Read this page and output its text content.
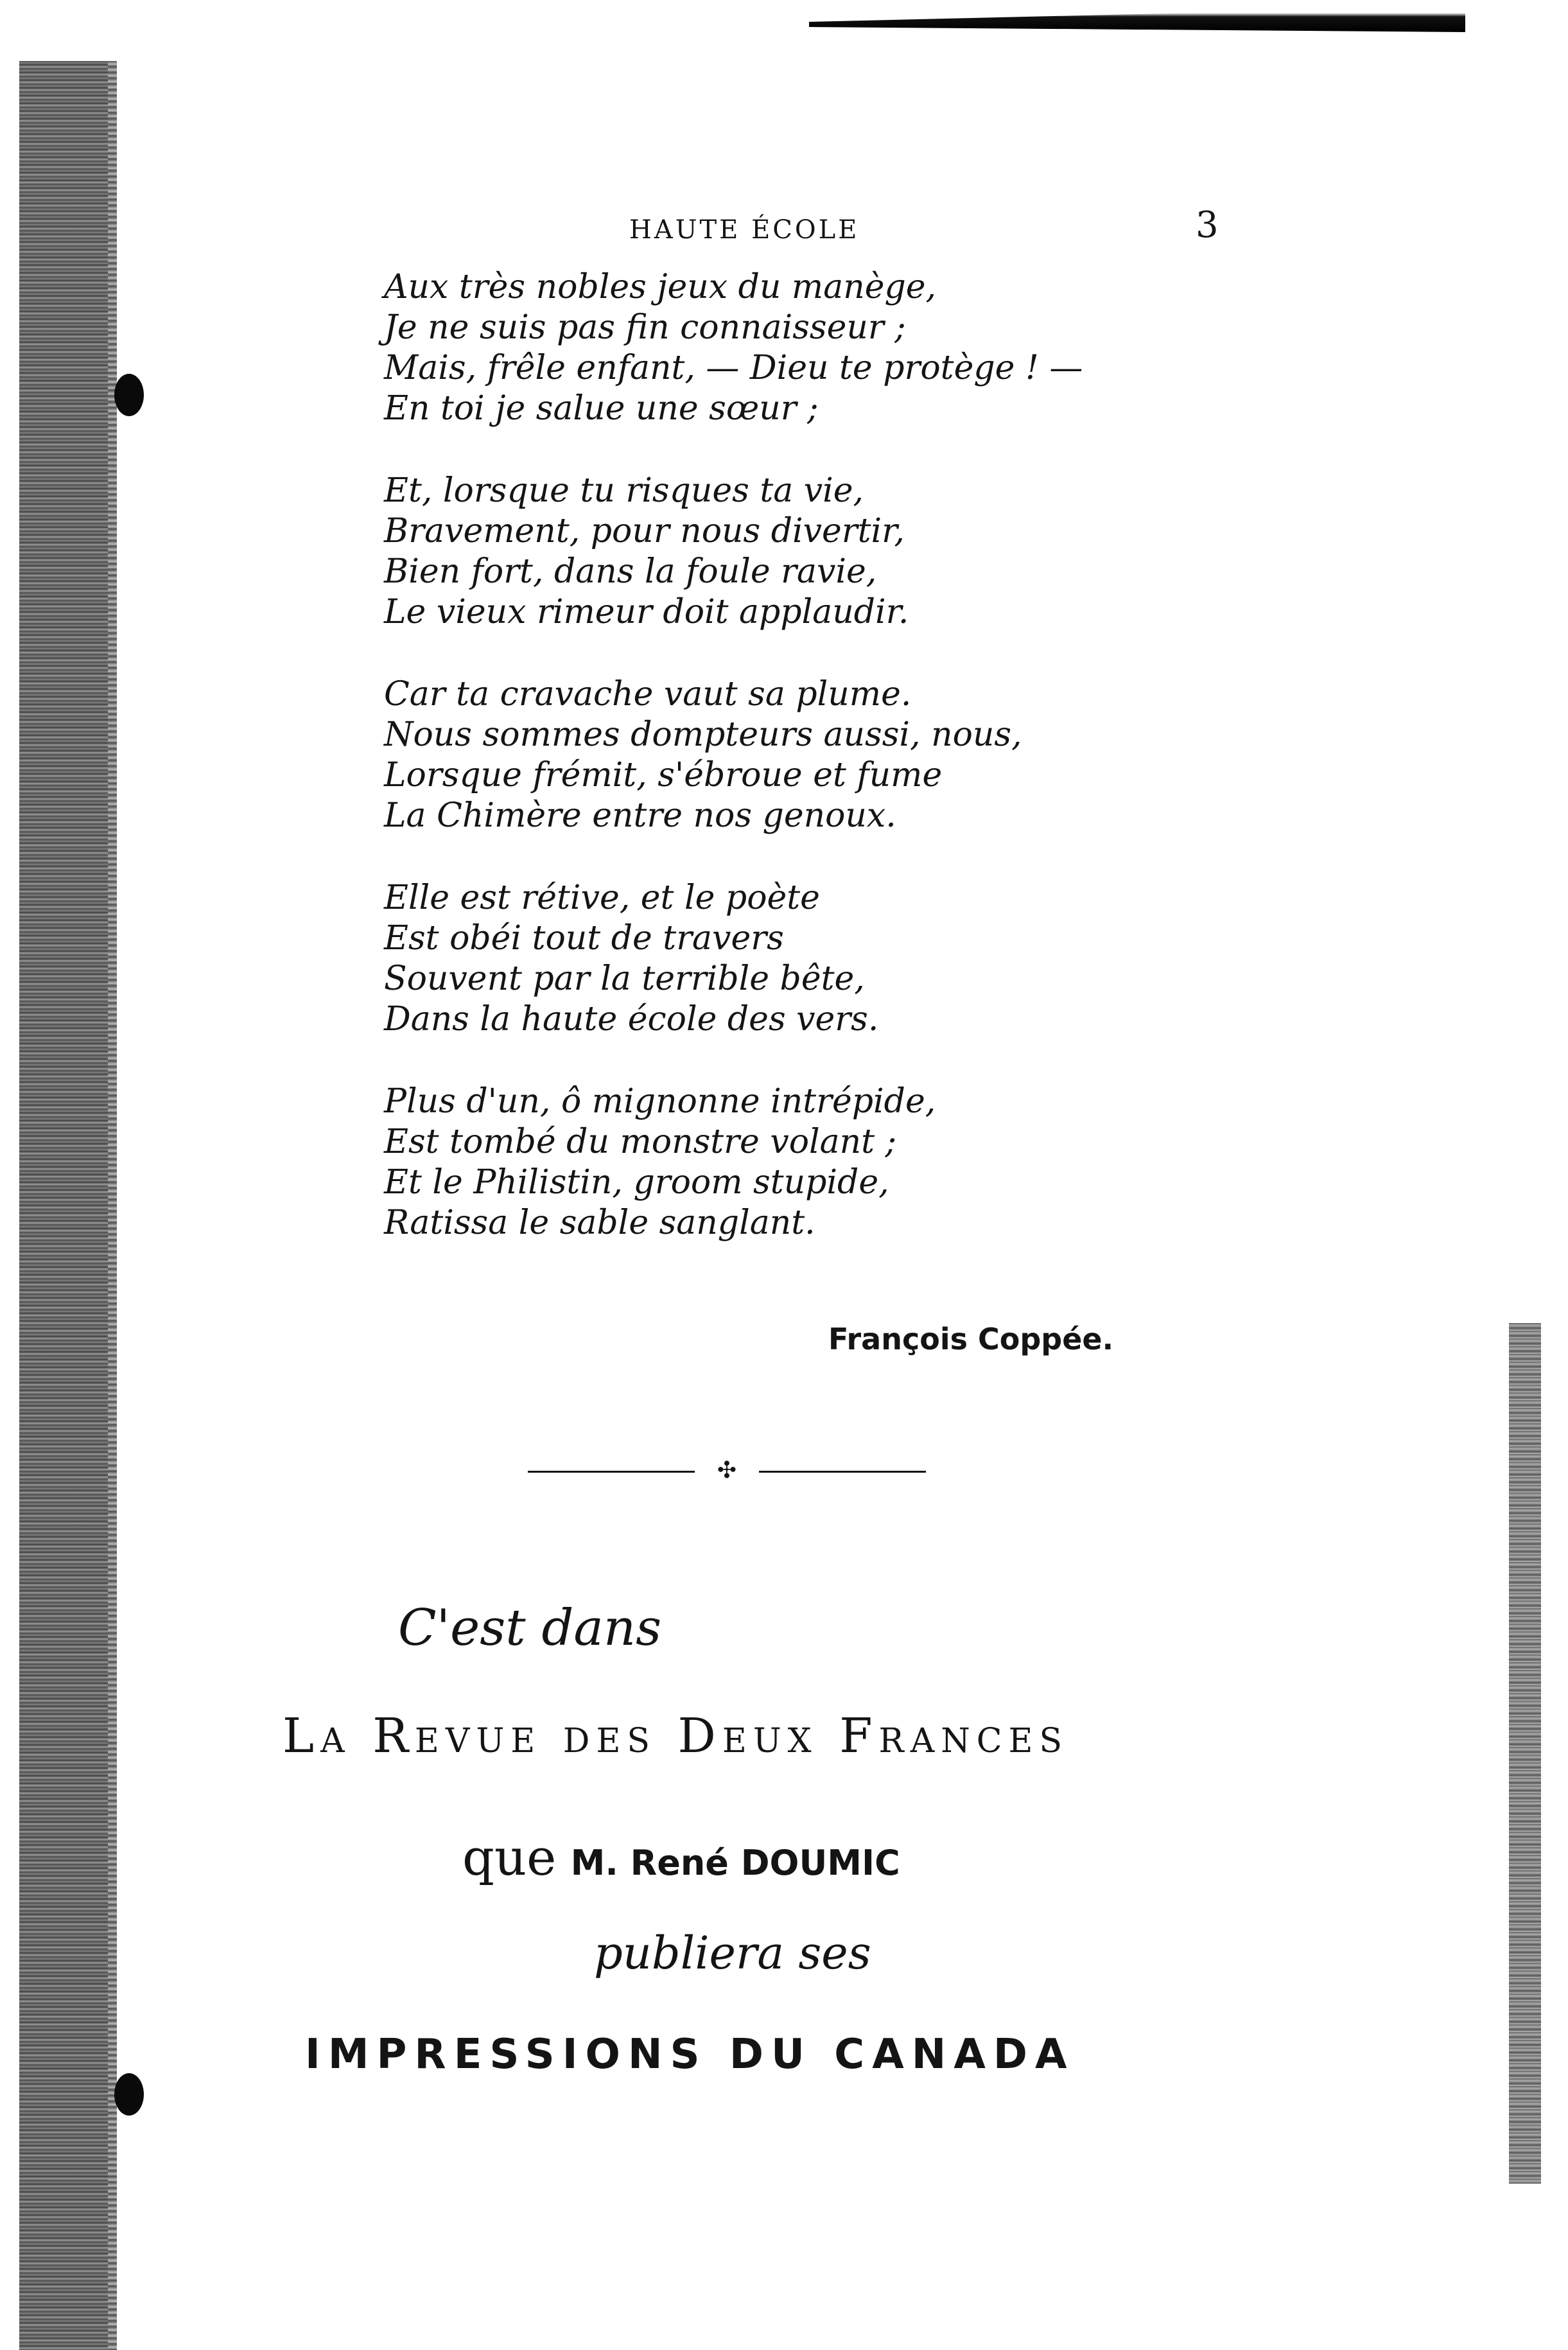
HAUTE ÉCOLE	3
Aux très nobles jeux du manège,
Je ne suis pas fin connaisseur ;
Mais, frêle enfant, — Dieu te protège ! —
En toi je salue une sœur ;
Et, lorsque tu risques ta vie,
Bravement, pour nous divertir,
Bien fort, dans la foule ravie,
Le vieux rimeur doit applaudir.
Car ta cravache vaut sa plume.
Nous sommes dompteurs aussi, nous,
Lorsque frémit, s'ébroue et fume
La Chimère entre nos genoux.
Elle est rétive, et le poète
Est obéi tout de travers
Souvent par la terrible bête,
Dans la haute école des vers.
Plus d'un, ô mignonne intrépide,
Est tombé du monstre volant ;
Et le Philistin, groom stupide,
Ratissa le sable sanglant.
François Coppée.
✣
C'est dans
La Revue des Deux Frances
que M. René DOUMIC
publiera ses
IMPRESSIONS DU CANADA
